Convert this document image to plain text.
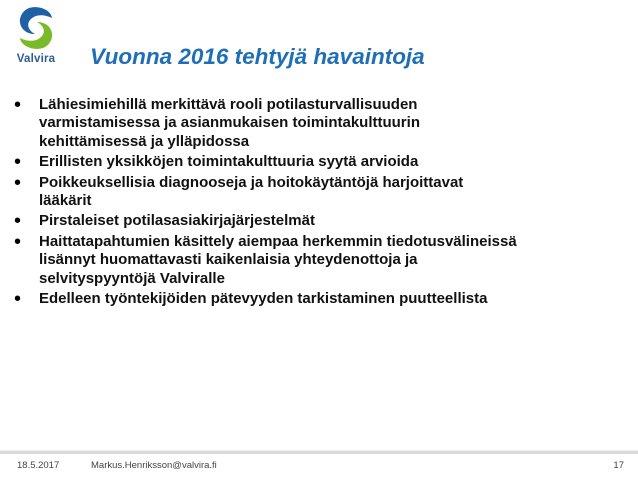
Valvira	Vuonna 2016 tehtyjä havaintoja
• Lähiesimiehillä merkittävä rooli potilasturvallisuuden
varmistamisessa ja asianmukaisen toimintakulttuurin
kehittämisessä ja ylläpidossa
• Erillisten yksikköjen toimintakulttuuria syytä arvioida
• Poikkeuksellisia diagnooseja ja hoitokäytäntöjä harjoittavat
lääkärit
• Pirstaleiset potilasasiakirjajärjestelmät
• Haittatapahtumien käsittely aiempaa herkemmin tiedotusvälineissä
lisännyt huomattavasti kaikenlaisia yhteydenottoja ja
selvityspyyntöjä Valviralle
• Edelleen työntekijöiden pätevyyden tarkistaminen puutteellista
18.5.2017	Markus.Henriksson@valvira.fi	17
